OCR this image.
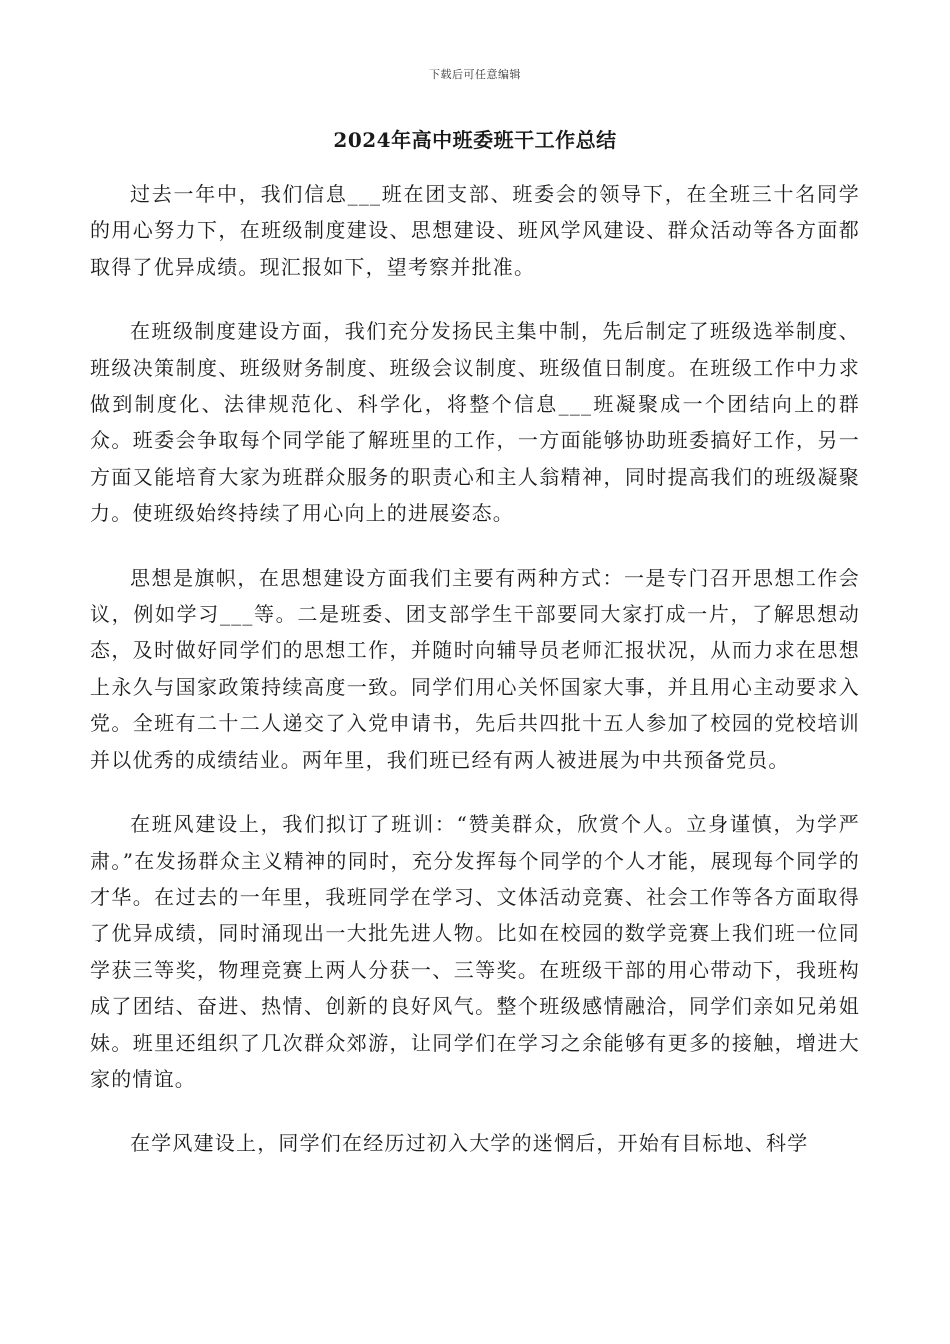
下载后可任意编辑
2024年高中班委班干工作总结

过去一年中，我们信息___班在团支部、班委会的领导下，在全班三十名同学的用心努力下，在班级制度建设、思想建设、班风学风建设、群众活动等各方面都取得了优异成绩。现汇报如下，望考察并批准。

在班级制度建设方面，我们充分发扬民主集中制，先后制定了班级选举制度、班级决策制度、班级财务制度、班级会议制度、班级值日制度。在班级工作中力求做到制度化、法律规范化、科学化，将整个信息___班凝聚成一个团结向上的群众。班委会争取每个同学能了解班里的工作，一方面能够协助班委搞好工作，另一方面又能培育大家为班群众服务的职责心和主人翁精神，同时提高我们的班级凝聚力。使班级始终持续了用心向上的进展姿态。

思想是旗帜，在思想建设方面我们主要有两种方式：一是专门召开思想工作会议，例如学习___等。二是班委、团支部学生干部要同大家打成一片，了解思想动态，及时做好同学们的思想工作，并随时向辅导员老师汇报状况，从而力求在思想上永久与国家政策持续高度一致。同学们用心关怀国家大事，并且用心主动要求入党。全班有二十二人递交了入党申请书，先后共四批十五人参加了校园的党校培训并以优秀的成绩结业。两年里，我们班已经有两人被进展为中共预备党员。

在班风建设上，我们拟订了班训：“赞美群众，欣赏个人。立身谨慎，为学严肃。”在发扬群众主义精神的同时，充分发挥每个同学的个人才能，展现每个同学的才华。在过去的一年里，我班同学在学习、文体活动竞赛、社会工作等各方面取得了优异成绩，同时涌现出一大批先进人物。比如在校园的数学竞赛上我们班一位同学获三等奖，物理竞赛上两人分获一、三等奖。在班级干部的用心带动下，我班构成了团结、奋进、热情、创新的良好风气。整个班级感情融洽，同学们亲如兄弟姐妹。班里还组织了几次群众郊游，让同学们在学习之余能够有更多的接触，增进大家的情谊。

在学风建设上，同学们在经历过初入大学的迷惘后，开始有目标地、科学
